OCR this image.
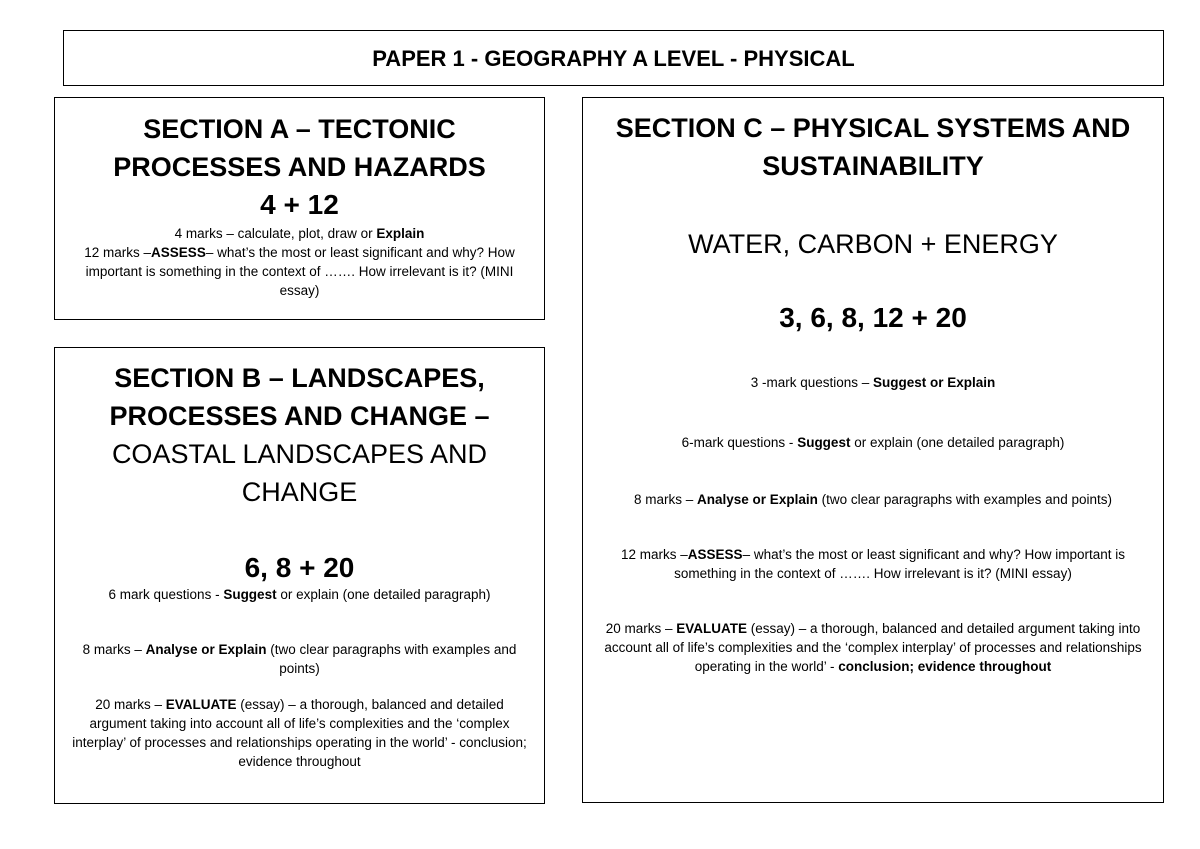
PAPER 1 - GEOGRAPHY A LEVEL - PHYSICAL

SECTION A – TECTONIC

PROCESSES AND HAZARDS

4 + 12

4 marks – calculate, plot, draw or Explain

12 marks –ASSESS– what’s the most or least significant and why? How important is something in the context of ……. How irrelevant is it? (MINI essay)

SECTION B – LANDSCAPES,

PROCESSES AND CHANGE –

COASTAL LANDSCAPES AND

CHANGE

6, 8 + 20

6 mark questions - Suggest or explain (one detailed paragraph)

8 marks – Analyse or Explain (two clear paragraphs with examples and points)

20 marks – EVALUATE (essay) – a thorough, balanced and detailed argument taking into account all of life’s complexities and the ‘complex interplay’ of processes and relationships operating in the world’ - conclusion; evidence throughout

SECTION C – PHYSICAL SYSTEMS AND

SUSTAINABILITY

WATER, CARBON + ENERGY

3, 6, 8, 12 + 20

3 -mark questions – Suggest or Explain

6-mark questions - Suggest or explain (one detailed paragraph)

8 marks – Analyse or Explain (two clear paragraphs with examples and points)

12 marks –ASSESS– what’s the most or least significant and why? How important is something in the context of ……. How irrelevant is it? (MINI essay)

20 marks – EVALUATE (essay) – a thorough, balanced and detailed argument taking into account all of life’s complexities and the ‘complex interplay’ of processes and relationships operating in the world’ - conclusion; evidence throughout
